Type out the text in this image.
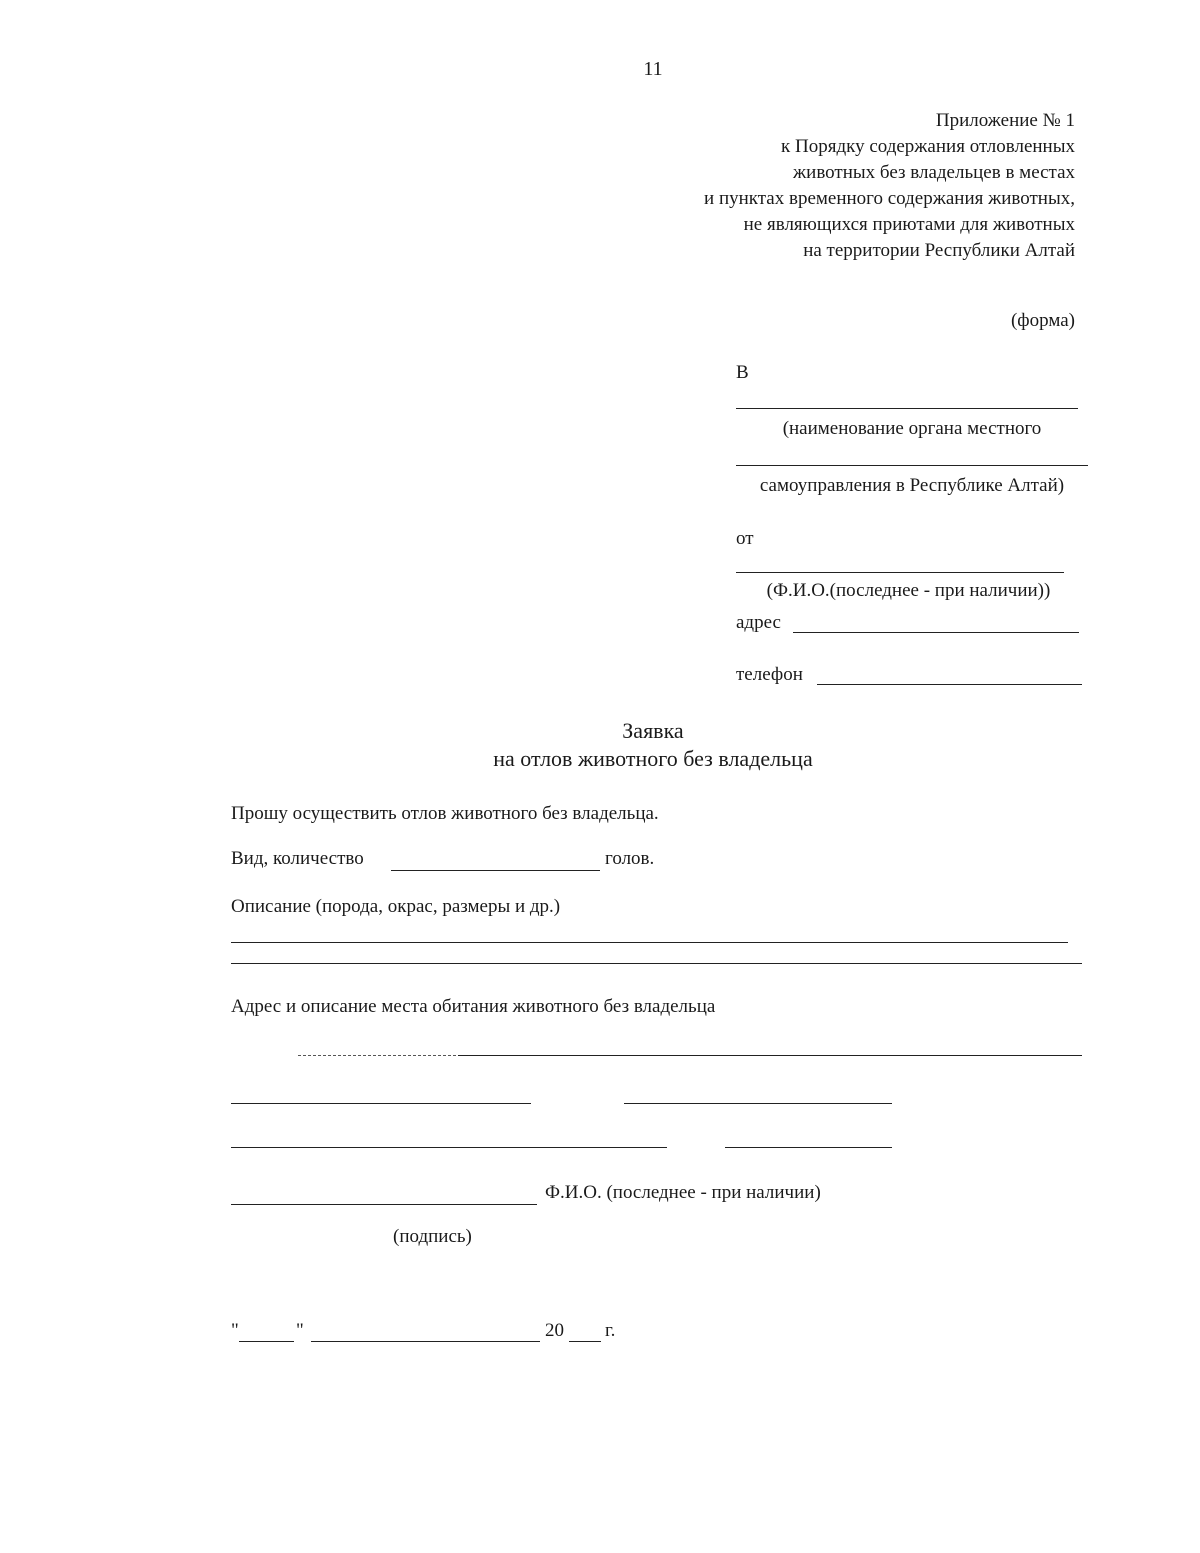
11
Приложение № 1
к Порядку содержания отловленных
животных без владельцев в местах
и пунктах временного содержания животных,
не являющихся приютами для животных
на территории Республики Алтай
(форма)
В
(наименование органа местного
самоуправления в Республике Алтай)
от
(Ф.И.О.(последнее - при наличии))
адрес
телефон
Заявка
на отлов животного без владельца
Прошу осуществить отлов животного без владельца.
Вид, количество	голов.
Описание (порода, окрас, размеры и др.)
Адрес и описание места обитания животного без владельца
Ф.И.О. (последнее - при наличии)
(подпись)
"	"	20 г.
